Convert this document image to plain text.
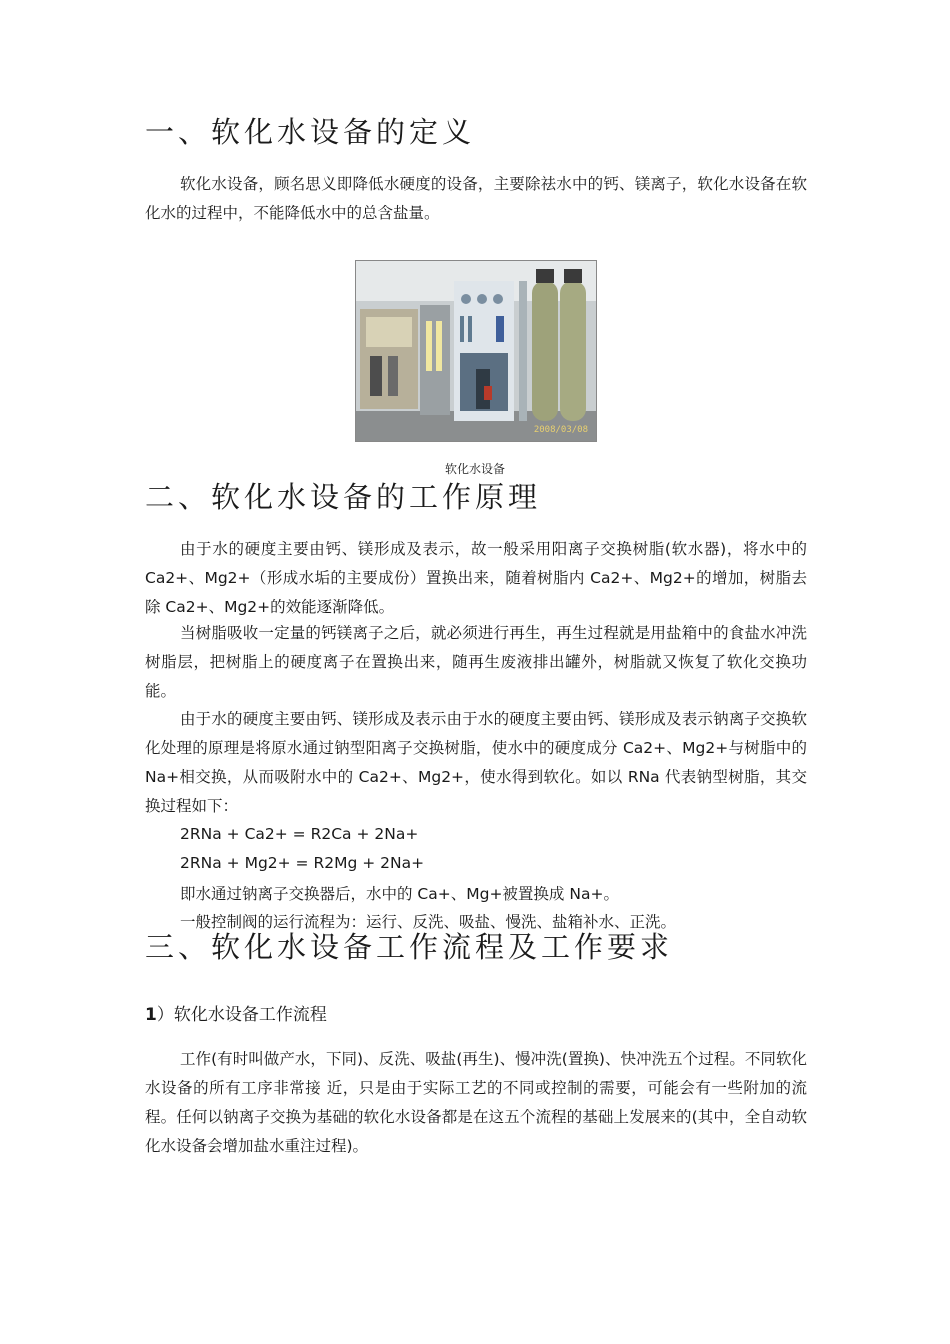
一、软化水设备的定义

软化水设备，顾名思义即降低水硬度的设备，主要除祛水中的钙、镁离子，软化水设备在软化水的过程中，不能降低水中的总含盐量。

2008/03/08

软化水设备

二、软化水设备的工作原理

由于水的硬度主要由钙、镁形成及表示，故一般采用阳离子交换树脂(软水器)，将水中的 Ca2+、Mg2+（形成水垢的主要成份）置换出来，随着树脂内 Ca2+、Mg2+的增加，树脂去除 Ca2+、Mg2+的效能逐渐降低。

当树脂吸收一定量的钙镁离子之后，就必须进行再生，再生过程就是用盐箱中的食盐水冲洗树脂层，把树脂上的硬度离子在置换出来，随再生废液排出罐外，树脂就又恢复了软化交换功能。

由于水的硬度主要由钙、镁形成及表示由于水的硬度主要由钙、镁形成及表示钠离子交换软化处理的原理是将原水通过钠型阳离子交换树脂，使水中的硬度成分 Ca2+、Mg2+与树脂中的 Na+相交换，从而吸附水中的 Ca2+、Mg2+，使水得到软化。如以 RNa 代表钠型树脂，其交换过程如下：

2RNa + Ca2+ = R2Ca + 2Na+

2RNa + Mg2+ = R2Mg + 2Na+

即水通过钠离子交换器后，水中的 Ca+、Mg+被置换成 Na+。

一般控制阀的运行流程为：运行、反洗、吸盐、慢洗、盐箱补水、正洗。

三、软化水设备工作流程及工作要求

1）软化水设备工作流程

工作(有时叫做产水，下同)、反洗、吸盐(再生)、慢冲洗(置换)、快冲洗五个过程。不同软化水设备的所有工序非常接 近，只是由于实际工艺的不同或控制的需要，可能会有一些附加的流程。任何以钠离子交换为基础的软化水设备都是在这五个流程的基础上发展来的(其中，全自动软化水设备会增加盐水重注过程)。
